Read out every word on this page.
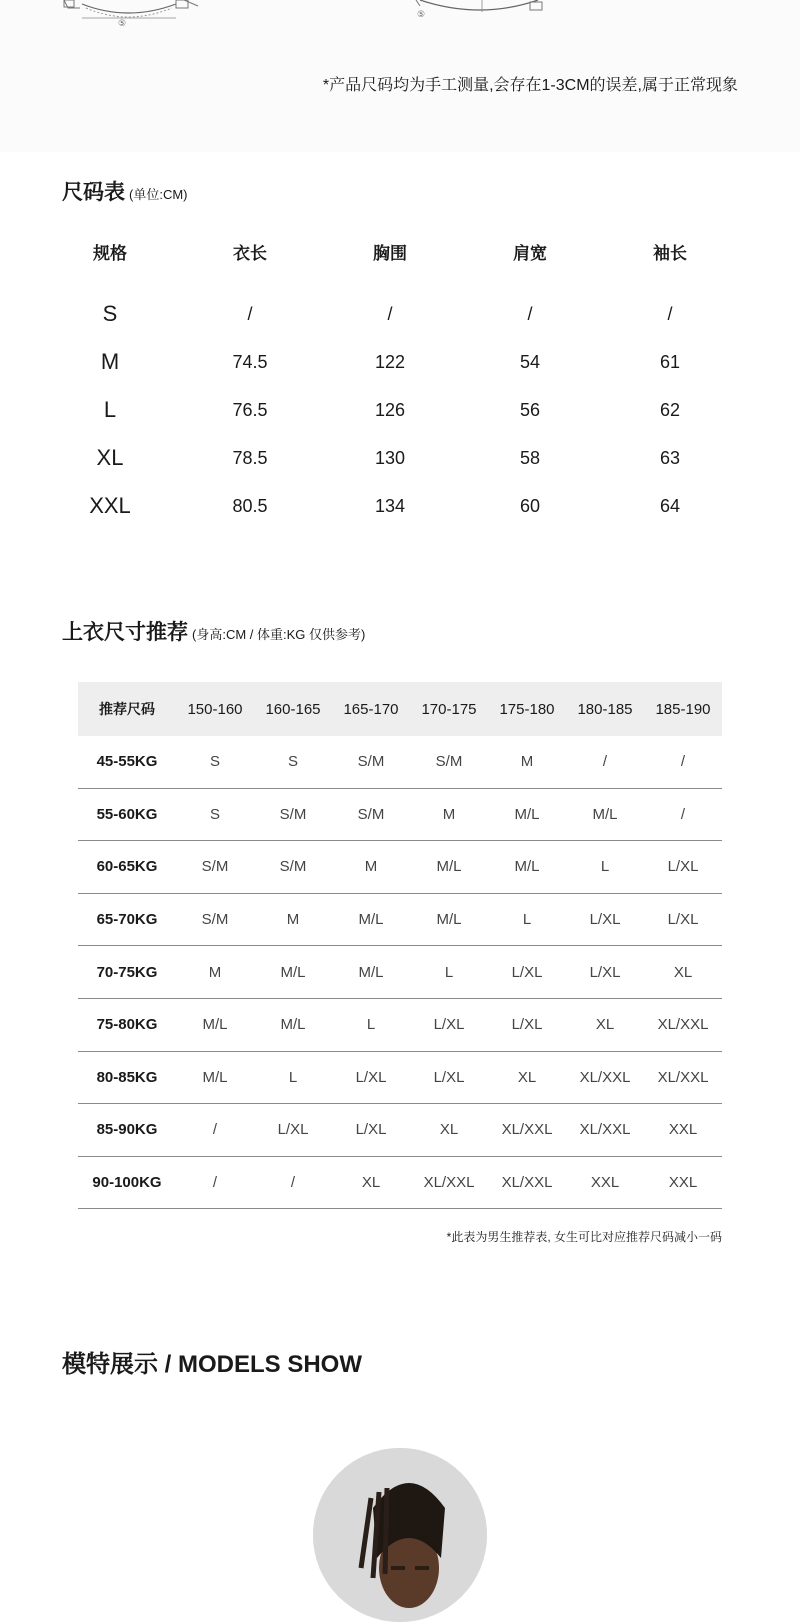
⑤
⑤
*产品尺码均为手工测量,会存在1-3CM的误差,属于正常现象
尺码表 (单位:CM)
规格	衣长	胸围	肩宽	袖长
S	/	/	/	/
M	74.5	122	54	61
L	76.5	126	56	62
XL	78.5	130	58	63
XXL	80.5	134	60	64
上衣尺寸推荐 (身高:CM / 体重:KG 仅供参考)
推荐尺码	150-160	160-165	165-170	170-175	175-180	180-185	185-190
45-55KG	S	S	S/M	S/M	M	/	/
55-60KG	S	S/M	S/M	M	M/L	M/L	/
60-65KG	S/M	S/M	M	M/L	M/L	L	L/XL
65-70KG	S/M	M	M/L	M/L	L	L/XL	L/XL
70-75KG	M	M/L	M/L	L	L/XL	L/XL	XL
75-80KG	M/L	M/L	L	L/XL	L/XL	XL	XL/XXL
80-85KG	M/L	L	L/XL	L/XL	XL	XL/XXL	XL/XXL
85-90KG	/	L/XL	L/XL	XL	XL/XXL	XL/XXL	XXL
90-100KG	/	/	XL	XL/XXL	XL/XXL	XXL	XXL
*此表为男生推荐表, 女生可比对应推荐尺码减小一码
模特展示 / MODELS SHOW
